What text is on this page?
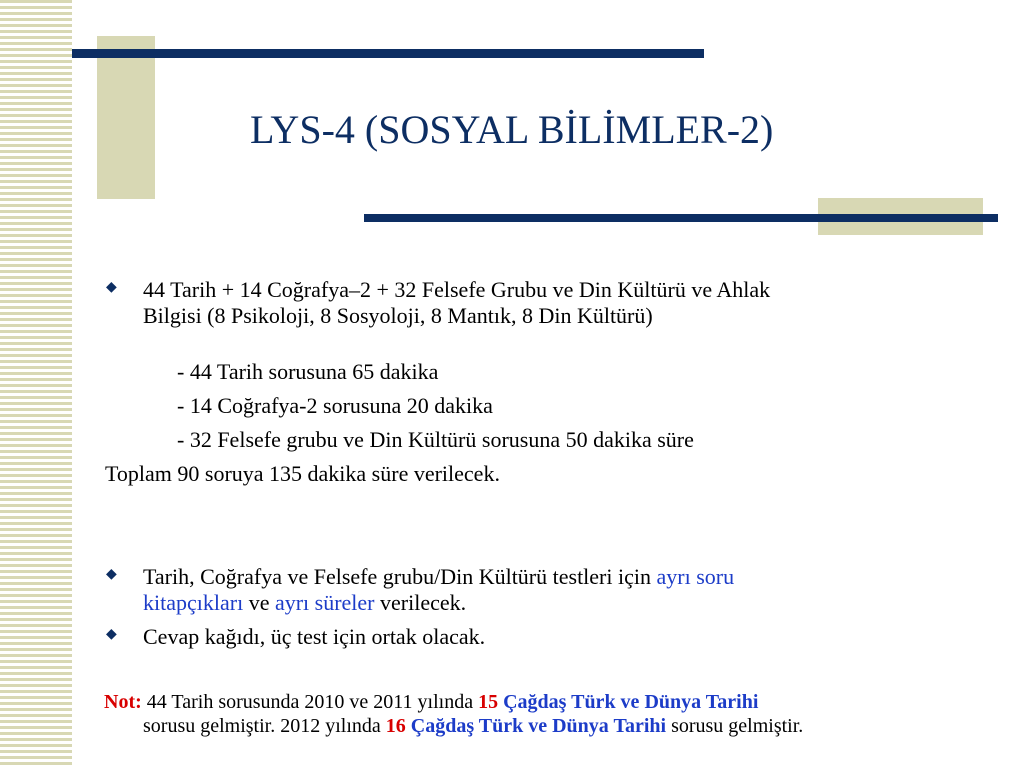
LYS-4 (SOSYAL BİLİMLER-2)
◆ 44 Tarih + 14 Coğrafya–2 + 32 Felsefe Grubu ve Din Kültürü ve Ahlak
Bilgisi (8 Psikoloji, 8 Sosyoloji, 8 Mantık, 8 Din Kültürü)
- 44 Tarih sorusuna 65 dakika
- 14 Coğrafya-2 sorusuna 20 dakika
- 32 Felsefe grubu ve Din Kültürü sorusuna 50 dakika süre
Toplam 90 soruya 135 dakika süre verilecek.
◆ Tarih, Coğrafya ve Felsefe grubu/Din Kültürü testleri için ayrı soru
kitapçıkları ve ayrı süreler verilecek.
◆ Cevap kağıdı, üç test için ortak olacak.
Not: 44 Tarih sorusunda 2010 ve 2011 yılında 15 Çağdaş Türk ve Dünya Tarihi
sorusu gelmiştir. 2012 yılında 16 Çağdaş Türk ve Dünya Tarihi sorusu gelmiştir.
